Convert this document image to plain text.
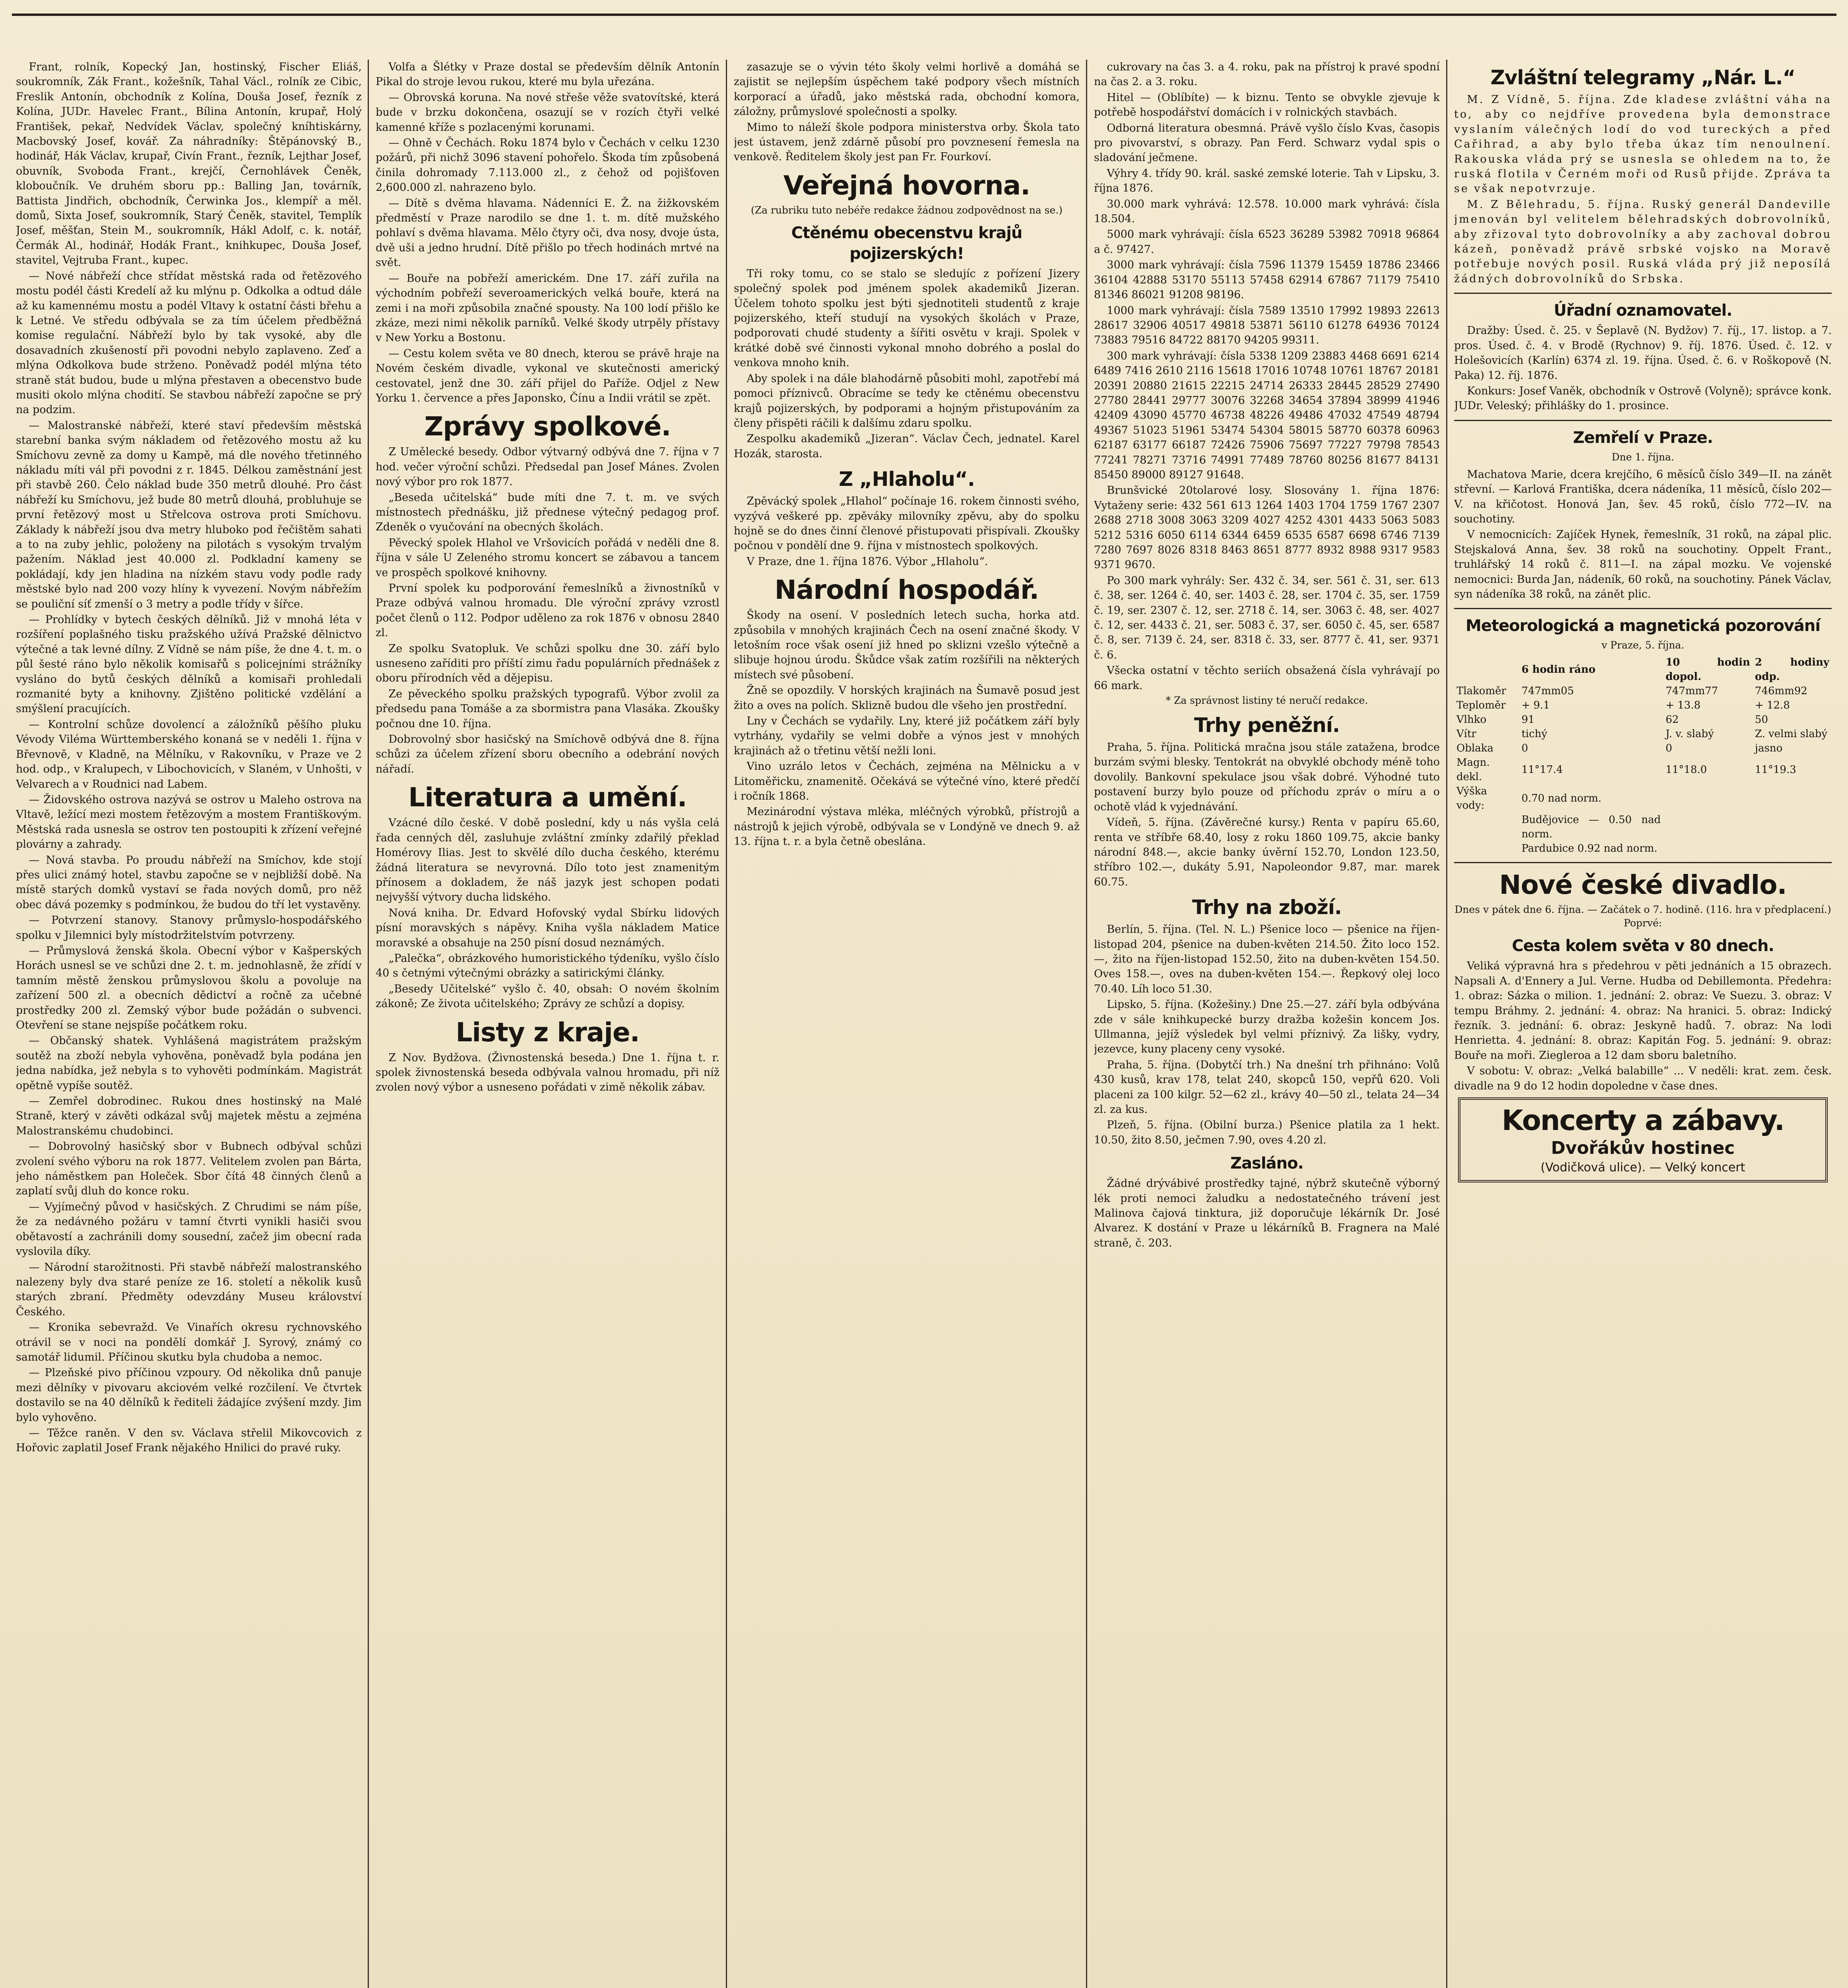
Frant, rolník, Kopecký Jan, hostinský, Fischer Eliáš, soukromník, Zák Frant., kožešník, Tahal Václ., rolník ze Cibic, Freslik Antonín, obchodník z Kolína, Douša Josef, řezník z Kolína, JUDr. Havelec Frant., Bílina Antonín, krupař, Holý František, pekař, Nedvídek Václav, společný kníhtiskárny, Macbovský Josef, kovář. Za náhradníky: Štěpánovský B., hodinář, Hák Václav, krupař, Civín Frant., řezník, Lejthar Josef, obuvník, Svoboda Frant., krejčí, Černohlávek Čeněk, kloboučník. Ve druhém sboru pp.: Balling Jan, továrník, Battista Jindřich, obchodník, Čerwinka Jos., klempíř a měl. domů, Sixta Josef, soukromník, Starý Čeněk, stavitel, Templík Josef, měšťan, Stein M., soukromník, Hákl Adolf, c. k. notář, Čermák Al., hodinář, Hodák Frant., knihkupec, Douša Josef, stavitel, Vejtruba Frant., kupec.

— Nové nábřeží chce střídat městská rada od řetězového mostu podél části Kredelí až ku mlýnu p. Odkolka a odtud dále až ku kamennému mostu a podél Vltavy k ostatní části břehu a k Letné. Ve středu odbývala se za tím účelem předběžná komise regulační. Nábřeží bylo by tak vysoké, aby dle dosavadních zkušeností při povodni nebylo zaplaveno. Zeď a mlýna Odkolkova bude strženo. Poněvadž podél mlýna této straně stát budou, bude u mlýna přestaven a obecenstvo bude musiti okolo mlýna chodití. Se stavbou nábřeží započne se prý na podzim.

— Malostranské nábřeží, které staví především městská starební banka svým nákladem od řetězového mostu až ku Smíchovu zevně za domy u Kampě, má dle nového třetinného nákladu míti vál při povodni z r. 1845. Délkou zaměstnání jest při stavbě 260. Čelo náklad bude 350 metrů dlouhé. Pro část nábřeží ku Smíchovu, jež bude 80 metrů dlouhá, probluhuje se první řetězový most u Střelcova ostrova proti Smíchovu. Základy k nábřeží jsou dva metry hluboko pod řečištěm sahati a to na zuby jehlic, položeny na pilotách s vysokým trvalým pažením. Náklad jest 40.000 zl. Podkladní kameny se pokládají, kdy jen hladina na nízkém stavu vody podle rady městské bylo nad 200 vozy hlíny k vyvezení. Novým nábřežím se pouliční síť zmenší o 3 metry a podle třídy v šířce.

— Prohlídky v bytech českých dělníků. Již v mnohá léta v rozšíření poplašného tisku pražského užívá Pražské dělnictvo výtečné a tak levné dílny. Z Vídně se nám píše, že dne 4. t. m. o půl šesté ráno bylo několik komisařů s policejními strážníky vysláno do bytů českých dělníků a komisaři prohledali rozmanité byty a knihovny. Zjištěno politické vzdělání a smýšlení pracujících.

— Kontrolní schůze dovolencí a záložníků pěšího pluku Vévody Viléma Württemberského konaná se v neděli 1. října v Břevnově, v Kladně, na Mělníku, v Rakovníku, v Praze ve 2 hod. odp., v Kralupech, v Libochovicích, v Slaném, v Unhošti, v Velvarech a v Roudnici nad Labem.

— Židovského ostrova nazývá se ostrov u Maleho ostrova na Vltavě, ležící mezi mostem řetězovým a mostem Františkovým. Městská rada usnesla se ostrov ten postoupiti k zřízení veřejné plovárny a zahrady.

— Nová stavba. Po proudu nábřeží na Smíchov, kde stojí přes ulici známý hotel, stavbu započne se v nejbližší době. Na místě starých domků vystaví se řada nových domů, pro něž obec dává pozemky s podmínkou, že budou do tří let vystavěny.

— Potvrzení stanovy. Stanovy průmyslo-hospodářského spolku v Jilemnici byly místodržitelstvím potvrzeny.

— Průmyslová ženská škola. Obecní výbor v Kašperských Horách usnesl se ve schůzi dne 2. t. m. jednohlasně, že zřídí v tamním městě ženskou průmyslovou školu a povoluje na zařízení 500 zl. a obecních dědictví a ročně za učebné prostředky 200 zl. Zemský výbor bude požádán o subvenci. Otevření se stane nejspíše počátkem roku.

— Občanský shatek. Vyhlášená magistrátem pražským soutěž na zboží nebyla vyhověna, poněvadž byla podána jen jedna nabídka, jež nebyla s to vyhověti podmínkám. Magistrát opětně vypíše soutěž.

— Zemřel dobrodinec. Rukou dnes hostinský na Malé Straně, který v závěti odkázal svůj majetek městu a zejména Malostranskému chudobinci.

— Dobrovolný hasičský sbor v Bubnech odbýval schůzi zvolení svého výboru na rok 1877. Velitelem zvolen pan Bárta, jeho náměstkem pan Holeček. Sbor čítá 48 činných členů a zaplatí svůj dluh do konce roku.

— Vyjímečný původ v hasičských. Z Chrudimi se nám píše, že za nedávného požáru v tamní čtvrti vynikli hasiči svou obětavostí a zachránili domy sousední, začež jim obecní rada vyslovila díky.

— Národní starožitnosti. Při stavbě nábřeží malostranského nalezeny byly dva staré peníze ze 16. století a několik kusů starých zbraní. Předměty odevzdány Museu království Českého.

— Kronika sebevražd. Ve Vinařích okresu rychnovského otrávil se v noci na pondělí domkář J. Syrový, známý co samotář lidumil. Příčinou skutku byla chudoba a nemoc.

— Plzeňské pivo příčinou vzpoury. Od několika dnů panuje mezi dělníky v pivovaru akciovém velké rozčilení. Ve čtvrtek dostavilo se na 40 dělníků k řediteli žádajíce zvýšení mzdy. Jim bylo vyhověno.

— Těžce raněn. V den sv. Václava střelil Mikovcovich z Hořovic zaplatil Josef Frank nějakého Hnilici do pravé ruky.

Volfa a Šlétky v Praze dostal se především dělník Antonín Pikal do stroje levou rukou, které mu byla uřezána.

— Obrovská koruna. Na nové střeše věže svatovítské, která bude v brzku dokončena, osazují se v rozích čtyři velké kamenné kříže s pozlacenými korunami.

— Ohně v Čechách. Roku 1874 bylo v Čechách v celku 1230 požárů, při nichž 3096 stavení pohořelo. Škoda tím způsobená činila dohromady 7.113.000 zl., z čehož od pojišťoven 2,600.000 zl. nahrazeno bylo.

— Dítě s dvěma hlavama. Nádenníci E. Ž. na žižkovském předměstí v Praze narodilo se dne 1. t. m. dítě mužského pohlaví s dvěma hlavama. Mělo čtyry oči, dva nosy, dvoje ústa, dvě uši a jedno hrudní. Dítě přišlo po třech hodinách mrtvé na svět.

— Bouře na pobřeží americkém. Dne 17. září zuřila na východním pobřeží severoamerických velká bouře, která na zemi i na moři způsobila značné spousty. Na 100 lodí přišlo ke zkáze, mezi nimi několik parníků. Velké škody utrpěly přístavy v New Yorku a Bostonu.

— Cestu kolem světa ve 80 dnech, kterou se právě hraje na Novém českém divadle, vykonal ve skutečnosti americký cestovatel, jenž dne 30. září přijel do Paříže. Odjel z New Yorku 1. července a přes Japonsko, Čínu a Indii vrátil se zpět.

Zprávy spolkové.

Z Umělecké besedy. Odbor výtvarný odbývá dne 7. října v 7 hod. večer výroční schůzi. Předsedal pan Josef Mánes. Zvolen nový výbor pro rok 1877.

„Beseda učitelská“ bude míti dne 7. t. m. ve svých místnostech přednášku, již přednese výtečný pedagog prof. Zdeněk o vyučování na obecných školách.

Pěvecký spolek Hlahol ve Vršovicích pořádá v neděli dne 8. října v sále U Zeleného stromu koncert se zábavou a tancem ve prospěch spolkové knihovny.

První spolek ku podporování řemeslníků a živnostníků v Praze odbývá valnou hromadu. Dle výroční zprávy vzrostl počet členů o 112. Podpor uděleno za rok 1876 v obnosu 2840 zl.

Ze spolku Svatopluk. Ve schůzi spolku dne 30. září bylo usneseno zaříditi pro příští zimu řadu populárních přednášek z oboru přírodních věd a dějepisu.

Ze pěveckého spolku pražských typografů. Výbor zvolil za předsedu pana Tomáše a za sbormistra pana Vlasáka. Zkoušky počnou dne 10. října.

Dobrovolný sbor hasičský na Smíchově odbývá dne 8. října schůzi za účelem zřízení sboru obecního a odebrání nových nářadí.

Literatura a umění.

Vzácné dílo české. V době poslední, kdy u nás vyšla celá řada cenných děl, zasluhuje zvláštní zmínky zdařilý překlad Homérovy Ilias. Jest to skvělé dílo ducha českého, kterému žádná literatura se nevyrovná. Dílo toto jest znamenitým přínosem a dokladem, že náš jazyk jest schopen podati nejvyšší výtvory ducha lidského.

Nová kniha. Dr. Edvard Hofovský vydal Sbírku lidových písní moravských s nápěvy. Kniha vyšla nákladem Matice moravské a obsahuje na 250 písní dosud neznámých.

„Palečka“, obrázkového humoristického týdeníku, vyšlo číslo 40 s četnými výtečnými obrázky a satirickými články.

„Besedy Učitelské“ vyšlo č. 40, obsah: O novém školním zákoně; Ze života učitelského; Zprávy ze schůzí a dopisy.

Listy z kraje.

Z Nov. Bydžova. (Živnostenská beseda.) Dne 1. října t. r. spolek živnostenská beseda odbývala valnou hromadu, při níž zvolen nový výbor a usneseno pořádati v zimě několik zábav.

zasazuje se o vývin této školy velmi horlivě a domáhá se zajistit se nejlepším úspěchem také podpory všech místních korporací a úřadů, jako městská rada, obchodní komora, záložny, průmyslové společnosti a spolky.

Mimo to náleží škole podpora ministerstva orby. Škola tato jest ústavem, jenž zdárně působí pro povznesení řemesla na venkově. Ředitelem školy jest pan Fr. Fourkoví.

Veřejná hovorna.
(Za rubriku tuto nebéře redakce žádnou zodpovědnost na se.)
Ctěnému obecenstvu krajů pojizerských!

Tři roky tomu, co se stalo se sledujíc z pořízení Jizery společný spolek pod jménem spolek akademiků Jizeran. Účelem tohoto spolku jest býti sjednotiteli studentů z kraje pojizerského, kteří studují na vysokých školách v Praze, podporovati chudé studenty a šířiti osvětu v kraji. Spolek v krátké době své činnosti vykonal mnoho dobrého a poslal do venkova mnoho knih.

Aby spolek i na dále blahodárně působiti mohl, zapotřebí má pomoci příznivců. Obracíme se tedy ke ctěnému obecenstvu krajů pojizerských, by podporami a hojným přistupováním za členy přispěti ráčili k dalšímu zdaru spolku.

Zespolku akademiků „Jizeran“. Václav Čech, jednatel. Karel Hozák, starosta.

Z „Hlaholu“.

Zpěvácký spolek „Hlahol“ počínaje 16. rokem činnosti svého, vyzývá veškeré pp. zpěváky milovníky zpěvu, aby do spolku hojně se do dnes činní členové přistupovati přispívali. Zkoušky počnou v pondělí dne 9. října v místnostech spolkových.

V Praze, dne 1. října 1876. Výbor „Hlaholu“.

Národní hospodář.

Škody na osení. V posledních letech sucha, horka atd. způsobila v mnohých krajinách Čech na osení značné škody. V letošním roce však osení již hned po sklizni vzešlo výtečně a slibuje hojnou úrodu. Škůdce však zatím rozšířili na některých místech své působení.

Žně se opozdily. V horských krajinách na Šumavě posud jest žito a oves na polích. Sklizně budou dle všeho jen prostřední.

Lny v Čechách se vydařily. Lny, které již počátkem září byly vytrhány, vydařily se velmi dobře a výnos jest v mnohých krajinách až o třetinu větší nežli loni.

Vino uzrálo letos v Čechách, zejména na Mělnicku a v Litoměřicku, znamenitě. Očekává se výtečné víno, které předčí i ročník 1868.

Mezinárodní výstava mléka, mléčných výrobků, přístrojů a nástrojů k jejich výrobě, odbývala se v Londýně ve dnech 9. až 13. října t. r. a byla četně obeslána.

cukrovary na čas 3. a 4. roku, pak na přístroj k pravé spodní na čas 2. a 3. roku.

Hitel — (Oblíbíte) — k biznu. Tento se obvykle zjevuje k potřebě hospodářství domácích i v rolnických stavbách.

Odborná literatura obesmná. Právě vyšlo číslo Kvas, časopis pro pivovarství, s obrazy. Pan Ferd. Schwarz vydal spis o sladování ječmene.

Výhry 4. třídy 90. král. saské zemské loterie. Tah v Lipsku, 3. října 1876.

30.000 mark vyhrává: 12.578. 10.000 mark vyhrává: čísla 18.504.

5000 mark vyhrávají: čísla 6523 36289 53982 70918 96864 a č. 97427.

3000 mark vyhrávají: čísla 7596 11379 15459 18786 23466 36104 42888 53170 55113 57458 62914 67867 71179 75410 81346 86021 91208 98196.

1000 mark vyhrávají: čísla 7589 13510 17992 19893 22613 28617 32906 40517 49818 53871 56110 61278 64936 70124 73883 79516 84722 88170 94205 99311.

300 mark vyhrávají: čísla 5338 1209 23883 4468 6691 6214 6489 7416 2610 2116 15618 17016 10748 10761 18767 20181 20391 20880 21615 22215 24714 26333 28445 28529 27490 27780 28441 29777 30076 32268 34654 37894 38999 41946 42409 43090 45770 46738 48226 49486 47032 47549 48794 49367 51023 51961 53474 54304 58015 58770 60378 60963 62187 63177 66187 72426 75906 75697 77227 79798 78543 77241 78271 73716 74991 77489 78760 80256 81677 84131 85450 89000 89127 91648.

Brunšvické 20tolarové losy. Slosovány 1. října 1876: Vytaženy serie: 432 561 613 1264 1403 1704 1759 1767 2307 2688 2718 3008 3063 3209 4027 4252 4301 4433 5063 5083 5212 5316 6050 6114 6344 6459 6535 6587 6698 6746 7139 7280 7697 8026 8318 8463 8651 8777 8932 8988 9317 9583 9371 9670.

Po 300 mark vyhrály: Ser. 432 č. 34, ser. 561 č. 31, ser. 613 č. 38, ser. 1264 č. 40, ser. 1403 č. 28, ser. 1704 č. 35, ser. 1759 č. 19, ser. 2307 č. 12, ser. 2718 č. 14, ser. 3063 č. 48, ser. 4027 č. 12, ser. 4433 č. 21, ser. 5083 č. 37, ser. 6050 č. 45, ser. 6587 č. 8, ser. 7139 č. 24, ser. 8318 č. 33, ser. 8777 č. 41, ser. 9371 č. 6.

Všecka ostatní v těchto seriích obsažená čísla vyhrávají po 66 mark.

* Za správnost listiny té neručí redakce.
Trhy peněžní.

Praha, 5. října. Politická mračna jsou stále zatažena, brodce burzám svými blesky. Tentokrát na obvyklé obchody méně toho dovolily. Bankovní spekulace jsou však dobré. Výhodné tuto postavení burzy bylo pouze od příchodu zpráv o míru a o ochotě vlád k vyjednávání.

Vídeň, 5. října. (Závěrečné kursy.) Renta v papíru 65.60, renta ve stříbře 68.40, losy z roku 1860 109.75, akcie banky národní 848.—, akcie banky úvěrní 152.70, London 123.50, stříbro 102.—, dukáty 5.91, Napoleondor 9.87, mar. marek 60.75.

Trhy na zboží.

Berlín, 5. října. (Tel. N. L.) Pšenice loco — pšenice na říjen-listopad 204, pšenice na duben-květen 214.50. Žito loco 152.—, žito na říjen-listopad 152.50, žito na duben-květen 154.50. Oves 158.—, oves na duben-květen 154.—. Řepkový olej loco 70.40. Líh loco 51.30.

Lipsko, 5. října. (Kožešiny.) Dne 25.—27. září byla odbývána zde v sále knihkupecké burzy dražba kožešin koncem Jos. Ullmanna, jejíž výsledek byl velmi příznivý. Za lišky, vydry, jezevce, kuny placeny ceny vysoké.

Praha, 5. října. (Dobytčí trh.) Na dnešní trh přihnáno: Volů 430 kusů, krav 178, telat 240, skopců 150, vepřů 620. Voli placeni za 100 kilgr. 52—62 zl., krávy 40—50 zl., telata 24—34 zl. za kus.

Plzeň, 5. října. (Obilní burza.) Pšenice platila za 1 hekt. 10.50, žito 8.50, ječmen 7.90, oves 4.20 zl.

Zasláno.

Žádné drývábivé prostředky tajné, nýbrž skutečně výborný lék proti nemoci žaludku a nedostatečného trávení jest Malinova čajová tinktura, již doporučuje lékárník Dr. José Alvarez. K dostání v Praze u lékárníků B. Fragnera na Malé straně, č. 203.

Zvláštní telegramy „Nár. L.“

M. Z Vídně, 5. října. Zde kladese zvláštní váha na to, aby co nejdříve provedena byla demonstrace vyslaním válečných lodí do vod tureckých a před Cařihrad, a aby bylo třeba úkaz tím nenoulnení. Rakouska vláda prý se usnesla se ohledem na to, že ruská flotila v Černém moři od Rusů přijde. Zpráva ta se však nepotvrzuje.

M. Z Bělehradu, 5. října. Ruský generál Dandeville jmenován byl velitelem bělehradských dobrovolníků, aby zřizoval tyto dobrovolníky a aby zachoval dobrou kázeň, poněvadž právě srbské vojsko na Moravě potřebuje nových posil. Ruská vláda prý již neposílá žádných dobrovolníků do Srbska.

Úřadní oznamovatel.

Dražby: Úsed. č. 25. v Šeplavě (N. Bydžov) 7. říj., 17. listop. a 7. pros. Úsed. č. 4. v Brodě (Rychnov) 9. říj. 1876. Úsed. č. 12. v Holešovicích (Karlín) 6374 zl. 19. října. Úsed. č. 6. v Roškopově (N. Paka) 12. říj. 1876.

Konkurs: Josef Vaněk, obchodník v Ostrově (Volyně); správce konk. JUDr. Veleský; přihlášky do 1. prosince.

Zemřelí v Praze.
Dne 1. října.

Machatova Marie, dcera krejčího, 6 měsíců číslo 349—II. na zánět střevní. — Karlová Františka, dcera nádeníka, 11 měsíců, číslo 202—V. na křičotost. Honová Jan, šev. 45 roků, číslo 772—IV. na souchotiny.

V nemocnicích: Zajíček Hynek, řemeslník, 31 roků, na zápal plic. Stejskalová Anna, šev. 38 roků na souchotiny. Oppelt Frant., truhlářský 14 roků č. 811—I. na zápal mozku. Ve vojenské nemocnici: Burda Jan, nádeník, 60 roků, na souchotiny. Pánek Václav, syn nádeníka 38 roků, na zánět plic.

Meteorologická a magnetická pozorování
v Praze, 5. října.
	6 hodin ráno	10 hodin dopol.	2 hodiny odp.
Tlakoměr	747mm05	747mm77	746mm92
Teploměr	+ 9.1	+ 13.8	+ 12.8
Vlhko	91	62	50
Vítr	tichý	J. v. slabý	Z. velmi slabý
Oblaka	0	0	jasno
Magn. dekl.	11°17.4	11°18.0	11°19.3
Výška vody:	0.70 nad norm.		
	Budějovice — 0.50 nad norm.		
	Pardubice 0.92 nad norm.		
Nové české divadlo.
Dnes v pátek dne 6. října. — Začátek o 7. hodině. (116. hra v předplacení.) Poprvé:
Cesta kolem světa v 80 dnech.

Veliká výpravná hra s předehrou v pěti jednáních a 15 obrazech. Napsali A. d'Ennery a Jul. Verne. Hudba od Debillemonta. Předehra: 1. obraz: Sázka o milion. 1. jednání: 2. obraz: Ve Suezu. 3. obraz: V tempu Bráhmy. 2. jednání: 4. obraz: Na hranici. 5. obraz: Indický řezník. 3. jednání: 6. obraz: Jeskyně hadů. 7. obraz: Na lodi Henrietta. 4. jednání: 8. obraz: Kapitán Fog. 5. jednání: 9. obraz: Bouře na moři. Ziegleroa a 12 dam sboru baletního.

V sobotu: V. obraz: „Velká balabille“ ... V neděli: krat. zem. česk. divadle na 9 do 12 hodin dopoledne v čase dnes.

Koncerty a zábavy.
Dvořákův hostinec
(Vodičková ulice). — Velký koncert
